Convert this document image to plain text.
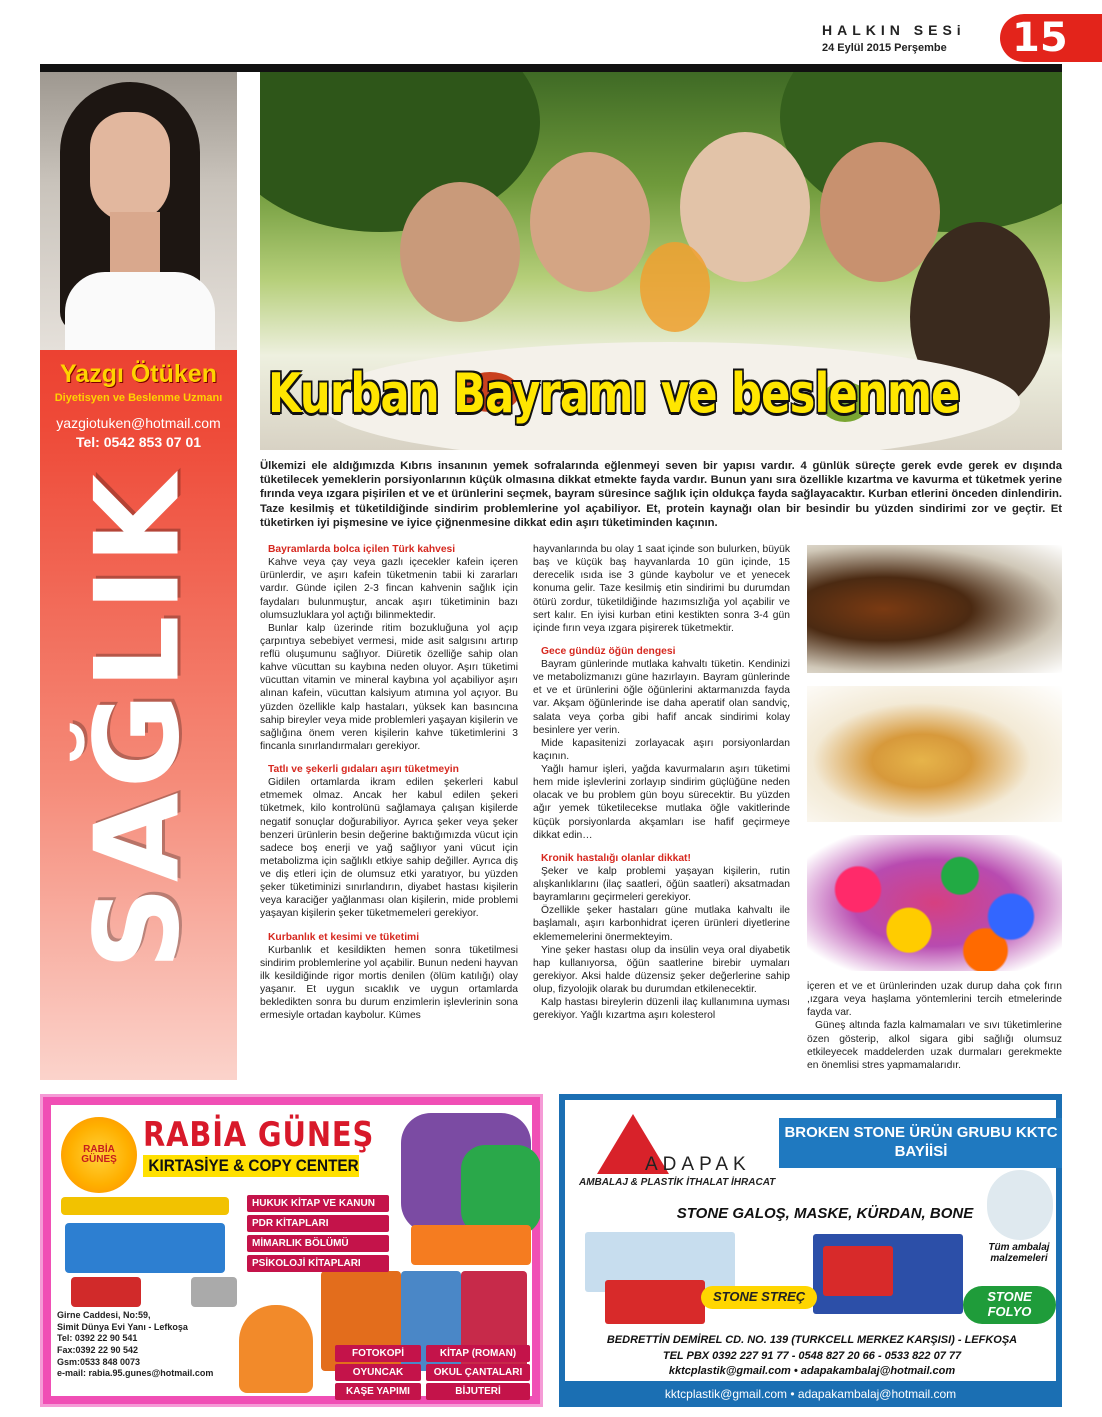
HALKIN SESi
24 Eylül 2015 Perşembe	15
Yazgı Ötüken
Diyetisyen ve Beslenme Uzmanı
yazgiotuken@hotmail.com
Tel: 0542 853 07 01
SAĞLIK
Kurban Bayramı ve beslenme
Ülkemizi ele aldığımızda Kıbrıs insanının yemek sofralarında eğlenmeyi seven bir yapısı vardır. 4 günlük süreçte gerek evde gerek ev dışında tüketilecek yemeklerin porsiyonlarının küçük olmasına dikkat etmekte fayda vardır. Bunun yanı sıra özellikle kızartma ve kavurma et tüketmek yerine fırında veya ızgara pişirilen et ve et ürünlerini seçmek, bayram süresince sağlık için oldukça fayda sağlayacaktır. Kurban etlerini önceden dinlendirin. Taze kesilmiş et tüketildiğinde sindirim problemlerine yol açabiliyor. Et, protein kaynağı olan bir besindir bu yüzden sindirimi zor ve geçtir. Et tüketirken iyi pişmesine ve iyice çiğnenmesine dikkat edin aşırı tüketiminden kaçının.
Bayramlarda bolca içilen Türk kahvesi

Kahve veya çay veya gazlı içecekler kafein içeren ürünlerdir, ve aşırı kafein tüketmenin tabii ki zararları vardır. Günde içilen 2-3 fincan kahvenin sağlık için faydaları bulunmuştur, ancak aşırı tüketiminin bazı olumsuzluklara yol açtığı bilinmektedir.

Bunlar kalp üzerinde ritim bozukluğuna yol açıp çarpıntıya sebebiyet vermesi, mide asit salgısını artırıp reflü oluşumunu sağlıyor. Diüretik özelliğe sahip olan kahve vücuttan su kaybına neden oluyor. Aşırı tüketimi vücuttan vitamin ve mineral kaybına yol açabiliyor aşırı alınan kafein, vücuttan kalsiyum atımına yol açıyor. Bu yüzden özellikle kalp hastaları, yüksek kan basıncına sahip bireyler veya mide problemleri yaşayan kişilerin ve sağlığına önem veren kişilerin kahve tüketimlerini 3 fincanla sınırlandırmaları gerekiyor.

Tatlı ve şekerli gıdaları aşırı tüketmeyin

Gidilen ortamlarda ikram edilen şekerleri kabul etmemek olmaz. Ancak her kabul edilen şekeri tüketmek, kilo kontrolünü sağlamaya çalışan kişilerde negatif sonuçlar doğurabiliyor. Ayrıca şeker veya şeker benzeri ürünlerin besin değerine baktığımızda vücut için sadece boş enerji ve yağ sağlıyor yani vücut için metabolizma için sağlıklı etkiye sahip değiller. Ayrıca diş ve diş etleri için de olumsuz etki yaratıyor, bu yüzden şeker tüketiminizi sınırlandırın, diyabet hastası kişilerin veya karaciğer yağlanması olan kişilerin, mide problemi yaşayan kişilerin şeker tüketmemeleri gerekiyor.

Kurbanlık et kesimi ve tüketimi

Kurbanlık et kesildikten hemen sonra tüketilmesi sindirim problemlerine yol açabilir. Bunun nedeni hayvan ilk kesildiğinde rigor mortis denilen (ölüm katılığı) olay yaşanır. Et uygun sıcaklık ve uygun ortamlarda bekledikten sonra bu durum enzimlerin işlevlerinin sona ermesiyle ortadan kaybolur. Kümes

hayvanlarında bu olay 1 saat içinde son bulurken, büyük baş ve küçük baş hayvanlarda 10 gün içinde, 15 derecelik ısıda ise 3 günde kaybolur ve et yenecek konuma gelir. Taze kesilmiş etin sindirimi bu durumdan ötürü zordur, tüketildiğinde hazımsızlığa yol açabilir ve sert kalır. En iyisi kurban etini kestikten sonra 3-4 gün içinde fırın veya ızgara pişirerek tüketmektir.

Gece gündüz öğün dengesi

Bayram günlerinde mutlaka kahvaltı tüketin. Kendinizi ve metabolizmanızı güne hazırlayın. Bayram günlerinde et ve et ürünlerini öğle öğünlerini aktarmanızda fayda var. Akşam öğünlerinde ise daha aperatif olan sandviç, salata veya çorba gibi hafif ancak sindirimi kolay besinlere yer verin.

Mide kapasitenizi zorlayacak aşırı porsiyonlardan kaçının.

Yağlı hamur işleri, yağda kavurmaların aşırı tüketimi hem mide işlevlerini zorlayıp sindirim güçlüğüne neden olacak ve bu problem gün boyu sürecektir. Bu yüzden ağır yemek tüketilecekse mutlaka öğle vakitlerinde küçük porsiyonlarda akşamları ise hafif geçirmeye dikkat edin…

Kronik hastalığı olanlar dikkat!

Şeker ve kalp problemi yaşayan kişilerin, rutin alışkanlıklarını (ilaç saatleri, öğün saatleri) aksatmadan bayramlarını geçirmeleri gerekiyor.

Özellikle şeker hastaları güne mutlaka kahvaltı ile başlamalı, aşırı karbonhidrat içeren ürünleri diyetlerine eklememelerini önermekteyim.

Yine şeker hastası olup da insülin veya oral diyabetik hap kullanıyorsa, öğün saatlerine birebir uymaları gerekiyor. Aksi halde düzensiz şeker değerlerine sahip olup, fizyolojik olarak bu durumdan etkilenecektir.

Kalp hastası bireylerin düzenli ilaç kullanımına uyması gerekiyor. Yağlı kızartma aşırı kolesterol

içeren et ve et ürünlerinden uzak durup daha çok fırın ,ızgara veya haşlama yöntemlerini tercih etmelerinde fayda var.

Güneş altında fazla kalmamaları ve sıvı tüketimlerine özen gösterip, alkol sigara gibi sağlığı olumsuz etkileyecek maddelerden uzak durmaları gerekmekte en önemlisi stres yapmamalarıdır.

RABİA
GÜNEŞ
RABİA GÜNEŞ
KIRTASİYE & COPY CENTER
HUKUK KİTAP VE KANUN
PDR KİTAPLARI
MİMARLIK BÖLÜMÜ
PSİKOLOJİ KİTAPLARI
Girne Caddesi, No:59,
Simit Dünya Evi Yanı - Lefkoşa
Tel: 0392 22 90 541
Fax:0392 22 90 542
Gsm:0533 848 0073
e-mail: rabia.95.gunes@hotmail.com
FOTOKOPİ
OYUNCAK
KAŞE YAPIMI
KİTAP (ROMAN)
OKUL ÇANTALARI
BİJUTERİ
ADAPAK
AMBALAJ & PLASTİK İTHALAT İHRACAT
BROKEN STONE ÜRÜN GRUBU KKTC BAYİİSİ
STONE GALOŞ, MASKE, KÜRDAN, BONE
Tüm ambalaj malzemeleri
STONE STREÇ	STONE FOLYO
BEDRETTİN DEMİREL CD. NO. 139 (TURKCELL MERKEZ KARŞISI) - LEFKOŞA
TEL PBX 0392 227 91 77 - 0548 827 20 66 - 0533 822 07 77
kktcplastik@gmail.com • adapakambalaj@hotmail.com
kktcplastik@gmail.com • adapakambalaj@hotmail.com
